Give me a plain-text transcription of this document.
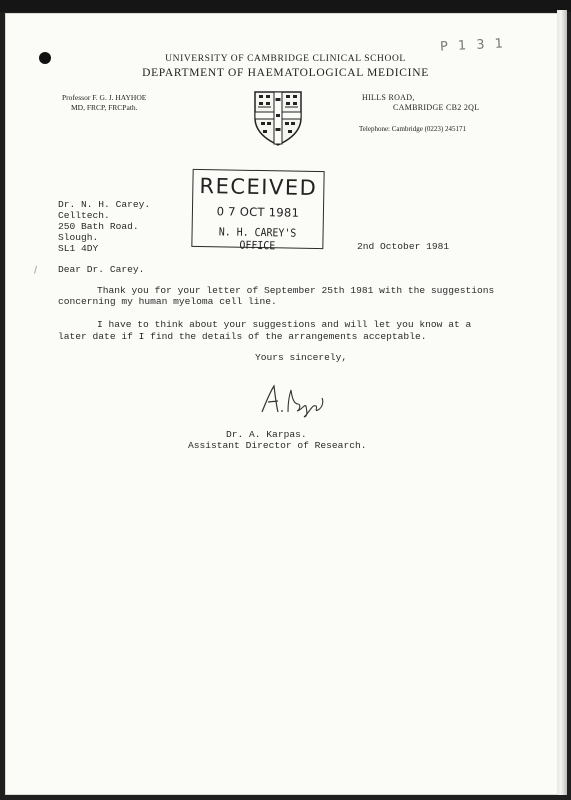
P 1 3 1
UNIVERSITY OF CAMBRIDGE CLINICAL SCHOOL
DEPARTMENT OF HAEMATOLOGICAL MEDICINE
Professor F. G. J. HAYHOE
MD, FRCP, FRCPath.
HILLS ROAD,
CAMBRIDGE CB2 2QL
Telephone: Cambridge (0223) 245171
RECEIVED
0 7 OCT 1981
N. H. CAREY'S OFFICE
Dr. N. H. Carey.
Celltech.
250 Bath Road.
Slough.
SL1 4DY	2nd October 1981
Dear Dr. Carey.
Thank you for your letter of September 25th 1981 with the suggestions
concerning my human myeloma cell line.
I have to think about your suggestions and will let you know at a
later date if I find the details of the arrangements acceptable.
Yours sincerely,
Dr. A. Karpas.
Assistant Director of Research.
